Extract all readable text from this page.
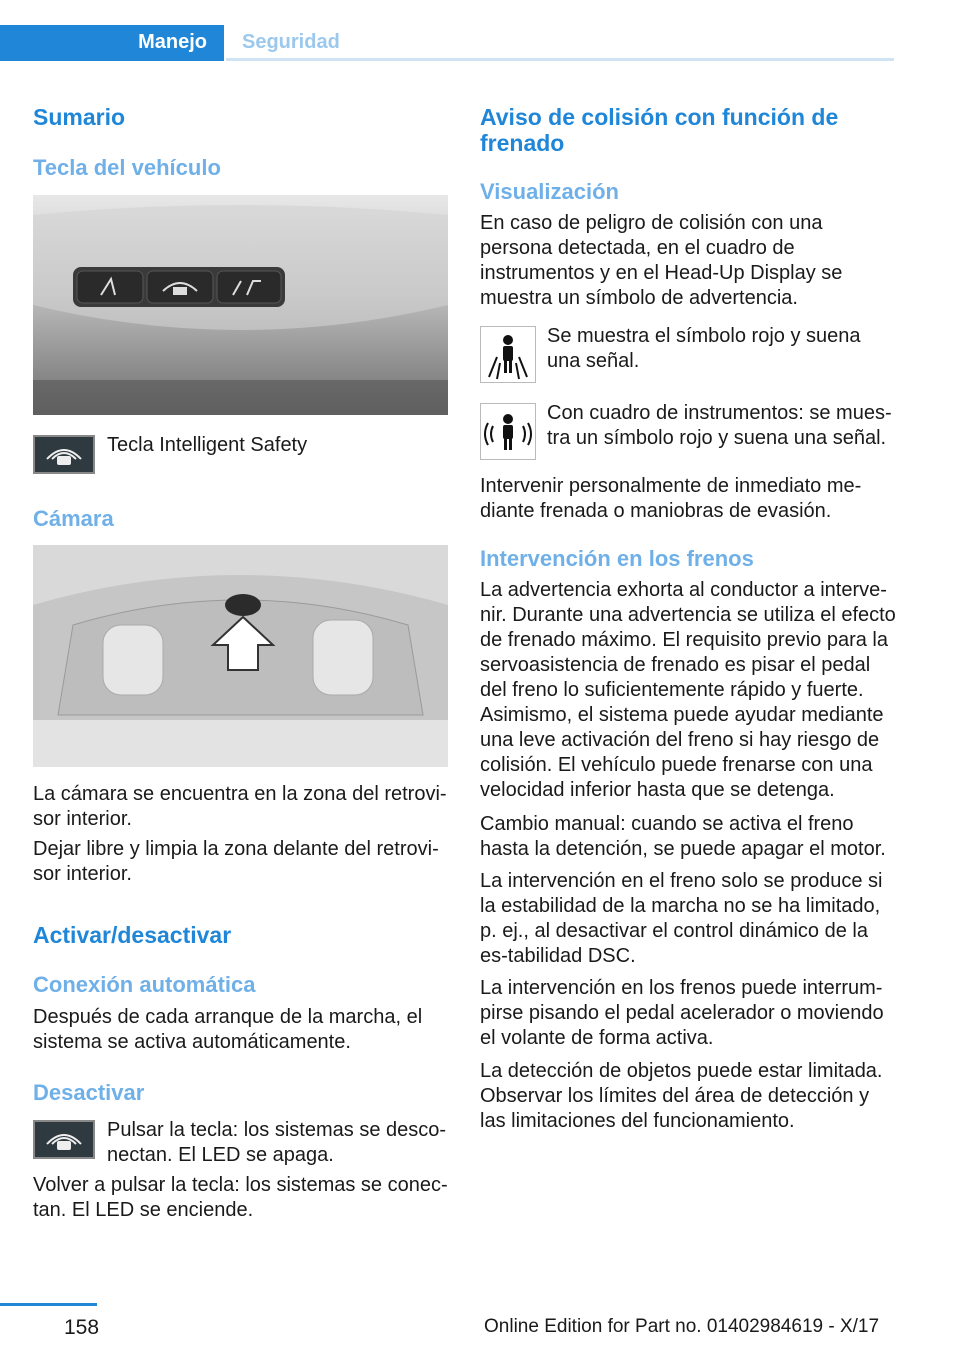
Manejo Seguridad
Sumario
Tecla del vehículo

Tecla Intelligent Safety

Cámara

La cámara se encuentra en la zona del retrovi-sor interior.

Dejar libre y limpia la zona delante del retrovi-sor interior.

Activar/desactivar
Conexión automática

Después de cada arranque de la marcha, el sistema se activa automáticamente.

Desactivar

Pulsar la tecla: los sistemas se desco-nectan. El LED se apaga.

Volver a pulsar la tecla: los sistemas se conec-tan. El LED se enciende.

Aviso de colisión con función de frenado
Visualización

En caso de peligro de colisión con una persona detectada, en el cuadro de instrumentos y en el Head-Up Display se muestra un símbolo de advertencia.

Se muestra el símbolo rojo y suena una señal.

Con cuadro de instrumentos: se mues-tra un símbolo rojo y suena una señal.

Intervenir personalmente de inmediato me-diante frenada o maniobras de evasión.

Intervención en los frenos

La advertencia exhorta al conductor a interve-nir. Durante una advertencia se utiliza el efecto de frenado máximo. El requisito previo para la servoasistencia de frenado es pisar el pedal del freno lo suficientemente rápido y fuerte. Asimismo, el sistema puede ayudar mediante una leve activación del freno si hay riesgo de colisión. El vehículo puede frenarse con una velocidad inferior hasta que se detenga.

Cambio manual: cuando se activa el freno hasta la detención, se puede apagar el motor.

La intervención en el freno solo se produce si la estabilidad de la marcha no se ha limitado, p. ej., al desactivar el control dinámico de la es-tabilidad DSC.

La intervención en los frenos puede interrum-pirse pisando el pedal acelerador o moviendo el volante de forma activa.

La detección de objetos puede estar limitada. Observar los límites del área de detección y las limitaciones del funcionamiento.

158	Online Edition for Part no. 01402984619 - X/17
